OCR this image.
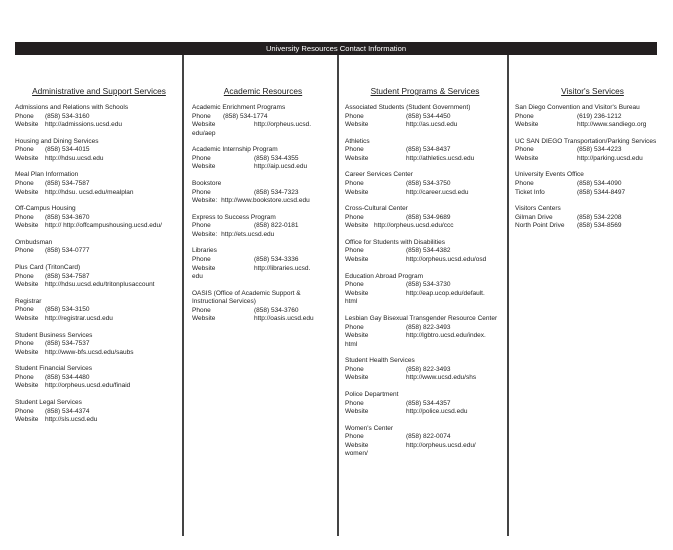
University Resources Contact Information
Administrative and Support Services
Admissions and Relations with Schools
Phone (858) 534-3160
Website http://admissions.ucsd.edu
Housing and Dining Services
Phone (858) 534-4015
Website http://hdsu.ucsd.edu
Meal Plan Information
Phone (858) 534-7587
Website http://hdsu. ucsd.edu/mealplan
Off-Campus Housing
Phone (858) 534-3670
Website http:// http://offcampushousing.ucsd.edu/
Ombudsman
Phone (858) 534-0777
Plus Card (TritonCard)
Phone (858) 534-7587
Website http://hdsu.ucsd.edu/tritonplusaccount
Registrar
Phone (858) 534-3150
Website http://registrar.ucsd.edu
Student Business Services
Phone (858) 534-7537
Website http://www-bfs.ucsd.edu/saubs
Student Financial Services
Phone (858) 534-4480
Website http://orpheus.ucsd.edu/finaid
Student Legal Services
Phone (858) 534-4374
Website http://sls.ucsd.edu
Academic Resources
Academic Enrichment Programs
Phone (858) 534-1774
Website	http://orpheus.ucsd.
edu/aep
Academic Internship Program
Phone	(858) 534-4355
Website	http://aip.ucsd.edu
Bookstore
Phone	(858) 534-7323
Website: http://www.bookstore.ucsd.edu
Express to Success Program
Phone	(858) 822-0181
Website: http://ets.ucsd.edu
Libraries
Phone	(858) 534-3336
Website	http://libraries.ucsd.
edu
OASIS (Office of Academic Support & Instructional Services)
Phone	(858) 534-3760
Website	http://oasis.ucsd.edu
Student Programs & Services
Associated Students (Student Government)
Phone	(858) 534-4450
Website	http://as.ucsd.edu
Athletics
Phone	(858) 534-8437
Website	http://athletics.ucsd.edu
Career Services Center
Phone	(858) 534-3750
Website	http://career.ucsd.edu
Cross-Cultural Center
Phone	(858) 534-9689
Website http://orpheus.ucsd.edu/ccc
Office for Students with Disabilities
Phone	(858) 534-4382
Website	http://orpheus.ucsd.edu/osd
Education Abroad Program
Phone	(858) 534-3730
Website	http://eap.ucop.edu/default.
html
Lesbian Gay Bisexual Transgender Resource Center
Phone	(858) 822-3493
Website	http://lgbtro.ucsd.edu/index.
html
Student Health Services
Phone	(858) 822-3493
Website	http://www.ucsd.edu/shs
Police Department
Phone	(858) 534-4357
Website	http://police.ucsd.edu
Women's Center
Phone	(858) 822-0074
Website	http://orpheus.ucsd.edu/
women/
Visitor's Services
San Diego Convention and Visitor's Bureau
Phone	(619) 236-1212
Website	http://www.sandiego.org
UC SAN DIEGO Transportation/Parking Services
Phone	(858) 534-4223
Website	http://parking.ucsd.edu
University Events Office
Phone	(858) 534-4090
Ticket Info	(858) 5344-8497
Visitors Centers
Gilman Drive	(858) 534-2208
North Point Drive (858) 534-8569
